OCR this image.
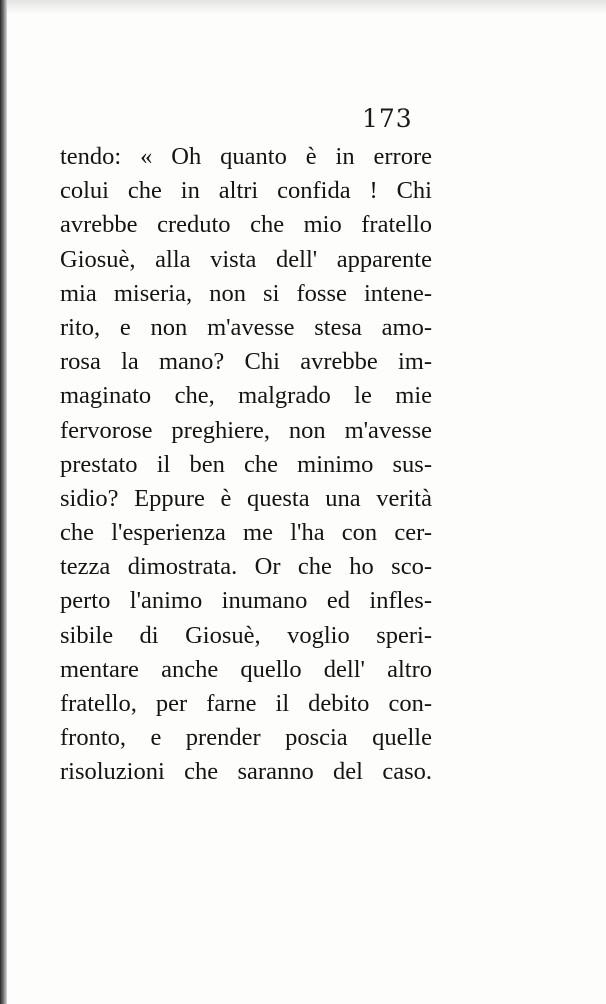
173
tendo: « Oh quanto è in errore
colui che in altri confida ! Chi
avrebbe creduto che mio fratello
Giosuè, alla vista dell' apparente
mia miseria, non si fosse intene-
rito, e non m'avesse stesa amo-
rosa la mano? Chi avrebbe im-
maginato che, malgrado le mie
fervorose preghiere, non m'avesse
prestato il ben che minimo sus-
sidio? Eppure è questa una verità
che l'esperienza me l'ha con cer-
tezza dimostrata. Or che ho sco-
perto l'animo inumano ed infles-
sibile di Giosuè, voglio speri-
mentare anche quello dell' altro
fratello, per farne il debito con-
fronto, e prender poscia quelle
risoluzioni che saranno del caso.
